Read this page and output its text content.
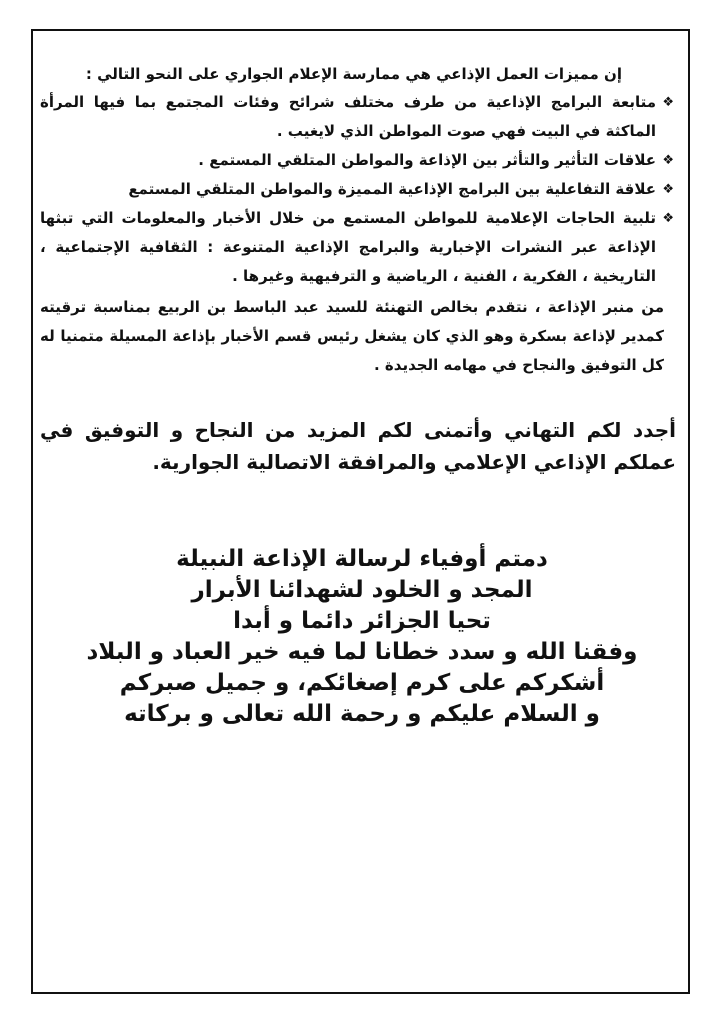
إن مميزات العمل الإذاعي هي ممارسة الإعلام الجواري على النحو التالي :

❖
متابعة البرامج الإذاعية من طرف مختلف شرائح وفئات المجتمع بما فيها المرأة الماكثة في البيت فهي صوت المواطن الذي لايغيب .
❖
علاقات التأثير والتأثر بين الإذاعة والمواطن المتلقي المستمع .
❖
علاقة التفاعلية بين البرامج الإذاعية المميزة والمواطن المتلقي المستمع
❖
تلبية الحاجات الإعلامية للمواطن المستمع من خلال الأخبار والمعلومات التي تبثها الإذاعة عبر النشرات الإخبارية والبرامج الإذاعية المتنوعة : الثقافية الإجتماعية ، التاريخية ، الفكرية ، الفنية ، الرياضية و الترفيهية وغيرها .

من منبر الإذاعة ، نتقدم بخالص التهنئة للسيد عبد الباسط بن الربيع بمناسبة ترقيته كمدير لإذاعة بسكرة وهو الذي كان يشغل رئيس قسم الأخبار بإذاعة المسيلة متمنيا له كل التوفيق والنجاح في مهامه الجديدة .

أجدد لكم التهاني وأتمنى لكم المزيد من النجاح و التوفيق في عملكم الإذاعي الإعلامي والمرافقة الاتصالية الجوارية.

دمتم أوفياء لرسالة الإذاعة النبيلة

المجد و الخلود لشهدائنا الأبرار

تحيا الجزائر دائما و أبدا

وفقنا الله و سدد خطانا لما فيه خير العباد و البلاد

أشكركم على كرم إصغائكم، و جميل صبركم

و السلام عليكم و رحمة الله تعالى و بركاته
